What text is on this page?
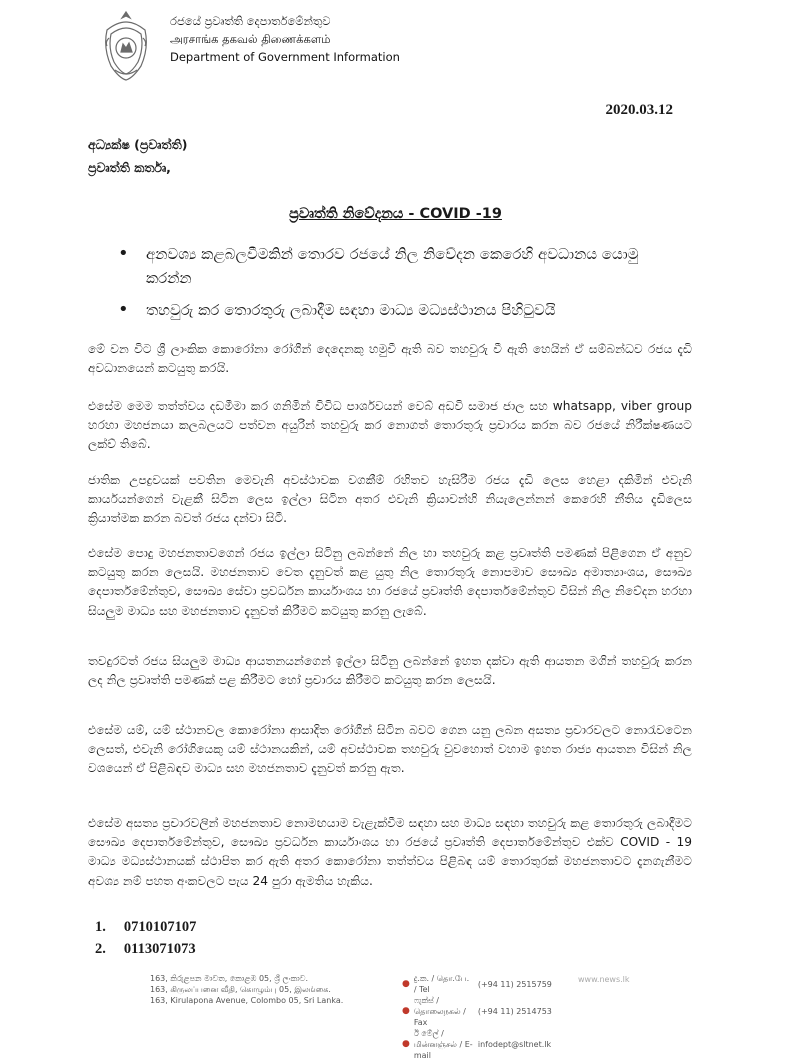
රජයේ ප්‍රවෘත්ති දෙපාර්තමේන්තුව
அரசாங்க தகவல் திணைக்களம்
Department of Government Information
2020.03.12
අධ්‍යක්ෂ (ප්‍රවෘත්ති)
ප්‍රවෘත්ති කර්තෘ,
ප්‍රවෘත්ති නිවේදනය - COVID -19
• අනවශ්‍ය කළබලවීමකින් තොරව රජයේ නිල නිවේදන කෙරෙහි අවධානය යොමු කරන්න
• තහවුරු කර තොරතුරු ලබාදීම සඳහා මාධ්‍ය මධ්‍යස්ථානය පිහිටුවයි

මේ වන විට ශ්‍රී ලාංකික කොරෝනා රෝගීන් දෙදෙනකු හමුවී ඇති බව තහවුරු වී ඇති හෙයින් ඒ සම්බන්ධව රජය දැඩි අවධානයෙන් කටයුතු කරයි.

එසේම මෙම තත්ත්වය දඩමීමා කර ගනිමින් විවිධ පාර්ශවයන් වෙබ් අඩවි සමාජ ජාල සහ whatsapp, viber group හරහා මහජනයා කලබලයට පත්වන අයුරින් තහවුරු කර නොගත් තොරතුරු ප්‍රචාරය කරන බව රජයේ නිරීක්ෂණයට ලක්ව් තිබේ.

ජාතික උපද්‍රවයක් පවතින මෙවැනි අවස්ථාවක වගකීම් රහිතව හැසිරීම රජය දැඩි ලෙස හෙළා දකිමින් එවැනි කාර්යයන්ගෙන් වැළකී සිටින ලෙස ඉල්ලා සිටින අතර එවැනි ක්‍රියාවන්හි නියැලෙන්නන් කෙරෙහි නීතිය දැඩිලෙස ක්‍රියාත්මක කරන බවත් රජය දන්වා සිටී.

එසේම පොදු මහජනතාවගෙන් රජය ඉල්ලා සිටිනු ලබන්නේ නිල හා තහවුරු කළ ප්‍රවෘත්ති පමණක් පිළිගෙන ඒ අනුව කටයුතු කරන ලෙසයි. මහජනතාව වෙත දැනුවත් කළ යුතු නිල තොරතුරු නොපමාව සෞඛ්‍ය අමාත්‍යාංශය, සෞඛ්‍ය දෙපාර්තමේන්තුව, සෞඛ්‍ය සේවා ප්‍රවර්ධන කාර්යාංශය හා රජයේ ප්‍රවෘත්ති දෙපාර්තමේන්තුව විසින් නිල නිවේදන හරහා සියලුම මාධ්‍ය සහ මහජනතාව දැනුවත් කිරීමට කටයුතු කරනු ලැබේ.

තවදුරටත් රජය සියලුම මාධ්‍ය ආයතනයන්ගෙන් ඉල්ලා සිටිනු ලබන්නේ ඉහත දක්වා ඇති ආයතන මගින් තහවුරු කරන ලද නිල ප්‍රවෘත්ති පමණක් පළ කිරීමට හෝ ප්‍රචාරය කිරීමට කටයුතු කරන ලෙසයි.

එසේම යම්, යම් ස්ථානවල කොරෝනා ආසාදිත රෝගීන් සිටින බවට ගෙන යනු ලබන අසත්‍ය ප්‍රචාරවලට නොරැවටෙන ලෙසත්, එවැනි රෝගියෙකු යම් ස්ථානයකින්, යම් අවස්ථාවක තහවුරු වුවහොත් වහාම ඉහත රාජ්‍ය ආයතන විසින් නිල වශයෙන් ඒ පිළිබඳව මාධ්‍ය සහ මහජනතාව දැනුවත් කරනු ඇත.

එසේම අසත්‍ය ප්‍රචාරවලින් මහජනතාව නොමඟයාම වැළැක්වීම සඳහා සහ මාධ්‍ය සඳහා තහවුරු කළ තොරතුරු ලබාදීමට සෞඛ්‍ය දෙපාර්තමේන්තුව, සෞඛ්‍ය ප්‍රවර්ධන කාර්යාංශය හා රජයේ ප්‍රවෘත්ති දෙපාර්තමේන්තුව එක්ව COVID - 19 මාධ්‍ය මධ්‍යස්ථානයක් ස්ථාපිත කර ඇති අතර කොරෝනා තත්ත්වය පිළිබඳ යම් තොරතුරක් මහජනතාවට දැනගැනීමට අවශ්‍ය නම් පහත අංකවලට පැය 24 පුරා ඇමතිය හැකිය.

1. 0710107107
2. 0113071073
163, කිරුළපන මාවත, කොළඹ 05, ශ්‍රී ලංකාව.
163, கிருலப்பனை வீதி, கொழும்பு 05, இலங்கை.
163, Kirulapona Avenue, Colombo 05, Sri Lanka.
● දු.ක. / தொ.பே. / Tel
(+94 11) 2515759
●
ෆැක්ස් / தொலைநகல் / Fax
(+94 11) 2514753
●
ඊ මේල් / மின்னஞ்சல் / E-mail
infodept@sltnet.lk
www.news.lk
